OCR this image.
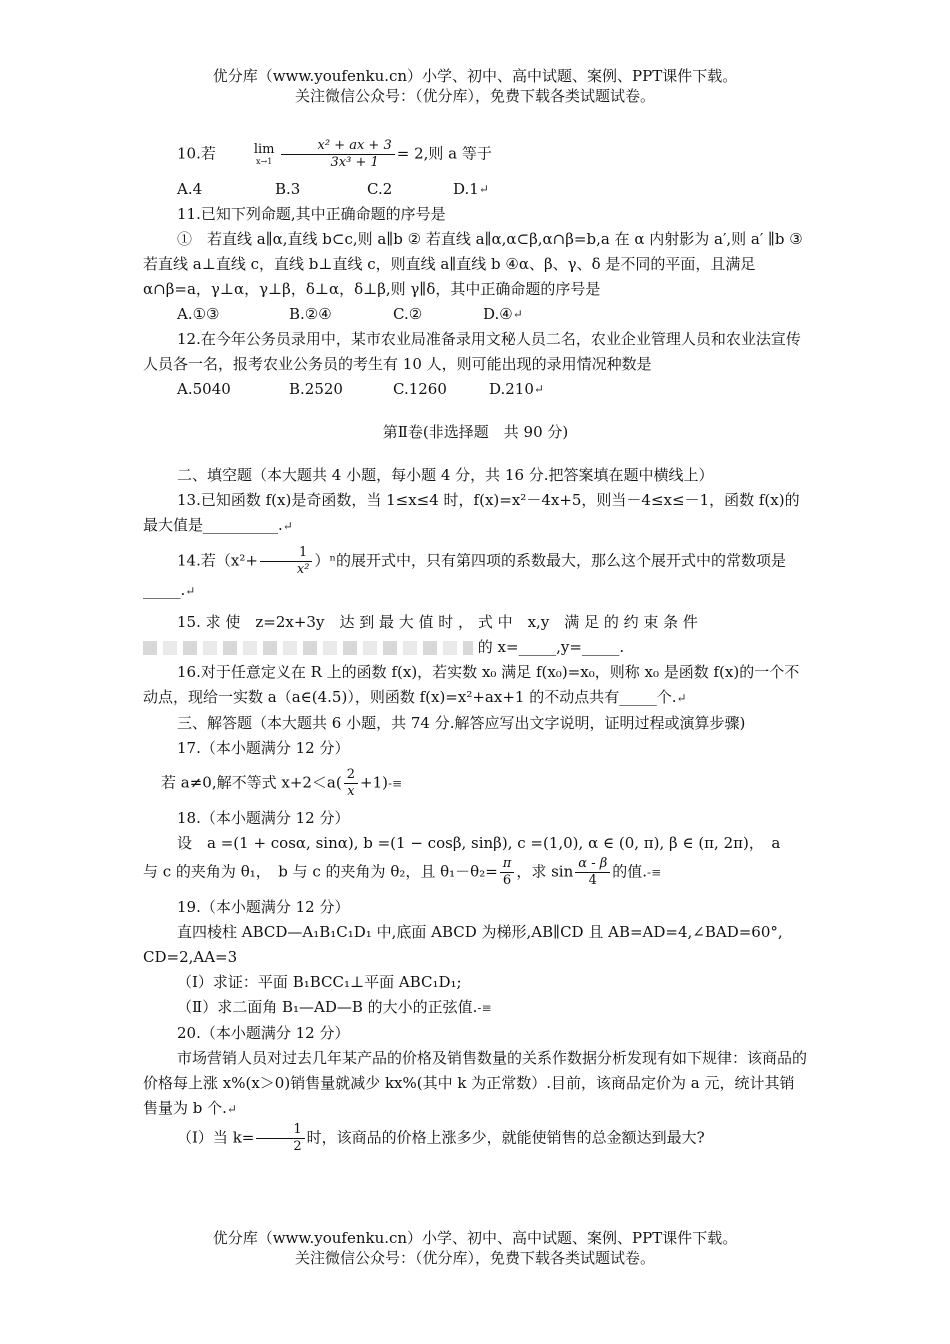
优分库（www.youfenku.cn）小学、初中、高中试题、案例、PPT课件下载。
关注微信公众号：（优分库），免费下载各类试题试卷。

10.若	lim
$x\to 1 \frac{\text{x² + ax + 3}}{\text{3x³ + 1}} = 2$,则 a 等于

A.4	B.3	C.2	D.1 ↵

11.已知下列命题,其中正确命题的序号是

①　若直线 a∥α,直线 b⊂c,则 a∥b ② 若直线 a∥α,α⊂β,α∩β=b,a 在 α 内射影为 a′,则 a′ ∥b ③ 若直线 a⊥直线 c，直线 b⊥直线 c，则直线 a∥直线 b ④α、β、γ、δ 是不同的平面，且满足 α∩β=a，γ⊥α，γ⊥β，δ⊥α，δ⊥β,则 γ∥δ，其中正确命题的序号是

A.①③	B.②④	C.②	D.④ ↵

12.在今年公务员录用中，某市农业局准备录用文秘人员二名，农业企业管理人员和农业法宣传人员各一名，报考农业公务员的考生有 10 人，则可能出现的录用情况种数是

A.5040	B.2520	C.1260	D.210 ↵

第Ⅱ卷(非选择题　共 90 分)

二、填空题（本大题共 4 小题，每小题 4 分，共 16 分.把答案填在题中横线上）

13.已知函数 f(x)是奇函数，当 1≤x≤4 时，f(x)=x²－4x+5，则当－4≤x≤－1，函数 f(x)的最大值是__________.↵

14.若$(x^2+ \frac{1}{\text{x²}} )^n$的展开式中，只有第四项的系数最大，那么这个展开式中的常数项是_____.↵

15. 求 使　z=2x+3y　达 到 最 大 值 时 ， 式 中　x,y　满 足 的 约 束 条 件

的 x=_____,y=_____.

16.对于任意定义在 R 上的函数 f(x)，若实数 x₀ 满足 f(x₀)=x₀，则称 x₀ 是函数 f(x)的一个不动点，现给一实数 a（a∈(4.5)），则函数 f(x)=x²+ax+1 的不动点共有_____个.↵

三、解答题（本大题共 6 小题，共 74 分.解答应写出文字说明，证明过程或演算步骤)

17.（本小题满分 12 分）

若 a≠0,解不等式 $x+2<a( \frac{2}{x} +1)-\equiv$

18.（本小题满分 12 分）

设　a =(1 + cosα, sinα), b =(1 − cosβ, sinβ), c =(1,0), α ∈ (0, π), β ∈ (π, 2π)，　a

与 c 的夹角为 θ₁，　b 与 c 的夹角为 θ₂，且 $\theta_1-\theta_2= \frac{\pi}{6}$ ，求 $\sin \frac{\alpha - \beta}{4}$ 的值.-≡

19.（本小题满分 12 分）

直四棱柱 ABCD—A₁B₁C₁D₁ 中,底面 ABCD 为梯形,AB∥CD 且 AB=AD=4,∠BAD=60°, CD=2,AA=3

（Ⅰ）求证：平面 B₁BCC₁⊥平面 ABC₁D₁;

（Ⅱ）求二面角 B₁—AD—B 的大小的正弦值.-≡

20.（本小题满分 12 分）

市场营销人员对过去几年某产品的价格及销售数量的关系作数据分析发现有如下规律：该商品的价格每上涨 x%(x＞0)销售量就减少 kx%(其中 k 为正常数）.目前，该商品定价为 a 元，统计其销售量为 b 个.↵

（Ⅰ）当 $k= \frac{1}{2}$ 时，该商品的价格上涨多少，就能使销售的总金额达到最大?

优分库（www.youfenku.cn）小学、初中、高中试题、案例、PPT课件下载。
关注微信公众号：（优分库），免费下载各类试题试卷。
